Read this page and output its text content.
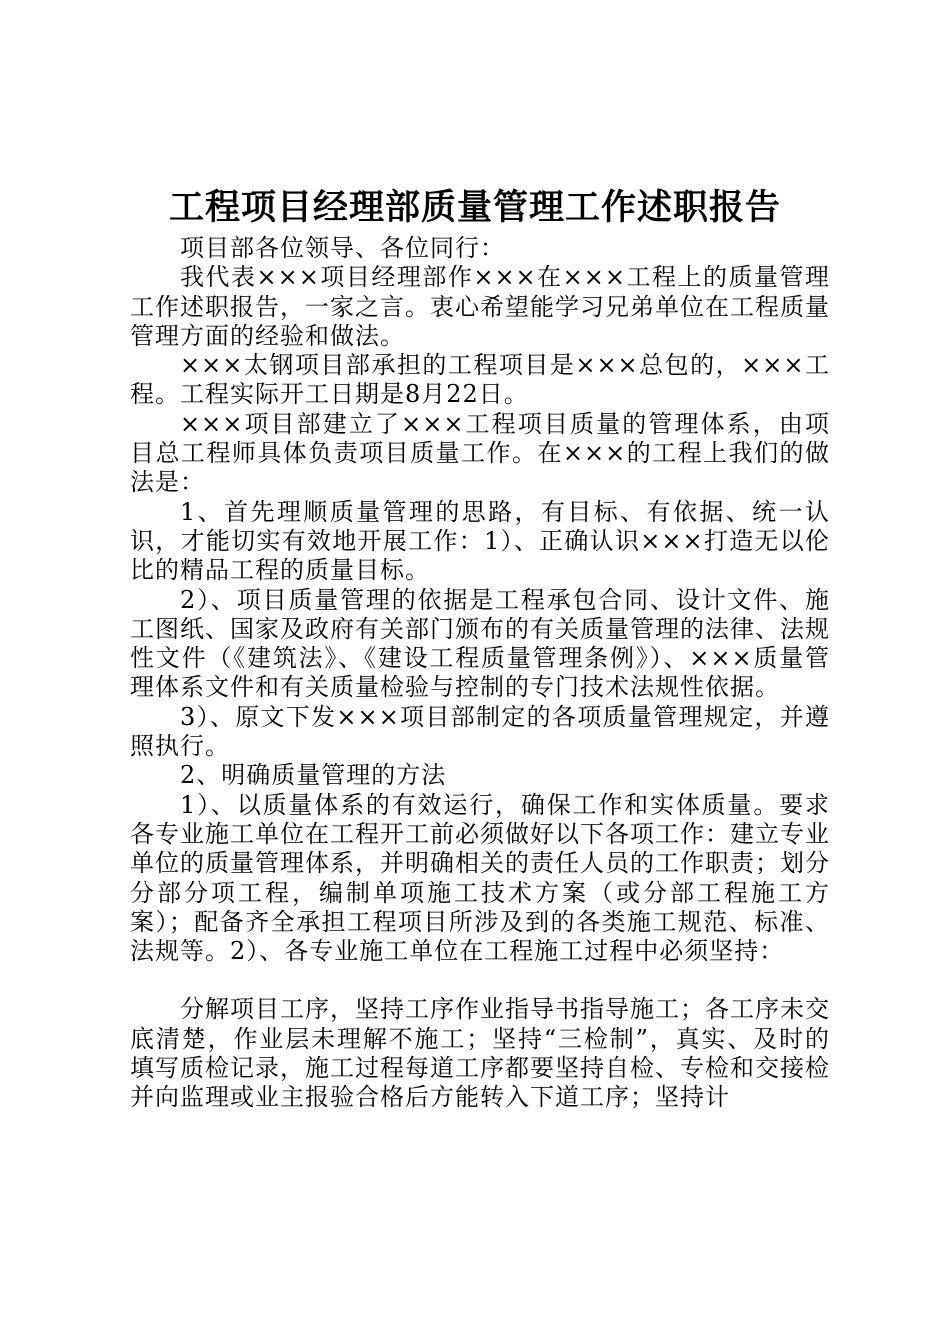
工程项目经理部质量管理工作述职报告

项目部各位领导、各位同行：

我代表×××项目经理部作×××在×××工程上的质量管理工作述职报告，一家之言。衷心希望能学习兄弟单位在工程质量管理方面的经验和做法。

×××太钢项目部承担的工程项目是×××总包的，×××工程。工程实际开工日期是8月22日。

×××项目部建立了×××工程项目质量的管理体系，由项目总工程师具体负责项目质量工作。在×××的工程上我们的做法是：

1、首先理顺质量管理的思路，有目标、有依据、统一认识，才能切实有效地开展工作：1）、正确认识×××打造无以伦比的精品工程的质量目标。

2）、项目质量管理的依据是工程承包合同、设计文件、施工图纸、国家及政府有关部门颁布的有关质量管理的法律、法规性文件（《建筑法》、《建设工程质量管理条例》）、×××质量管理体系文件和有关质量检验与控制的专门技术法规性依据。

3）、原文下发×××项目部制定的各项质量管理规定，并遵照执行。

2、明确质量管理的方法

1）、以质量体系的有效运行，确保工作和实体质量。要求各专业施工单位在工程开工前必须做好以下各项工作：建立专业单位的质量管理体系，并明确相关的责任人员的工作职责；划分分部分项工程，编制单项施工技术方案（或分部工程施工方案）；配备齐全承担工程项目所涉及到的各类施工规范、标准、法规等。2）、各专业施工单位在工程施工过程中必须坚持：

分解项目工序，坚持工序作业指导书指导施工；各工序未交底清楚，作业层未理解不施工；坚持“三检制”，真实、及时的填写质检记录，施工过程每道工序都要坚持自检、专检和交接检并向监理或业主报验合格后方能转入下道工序；坚持计
